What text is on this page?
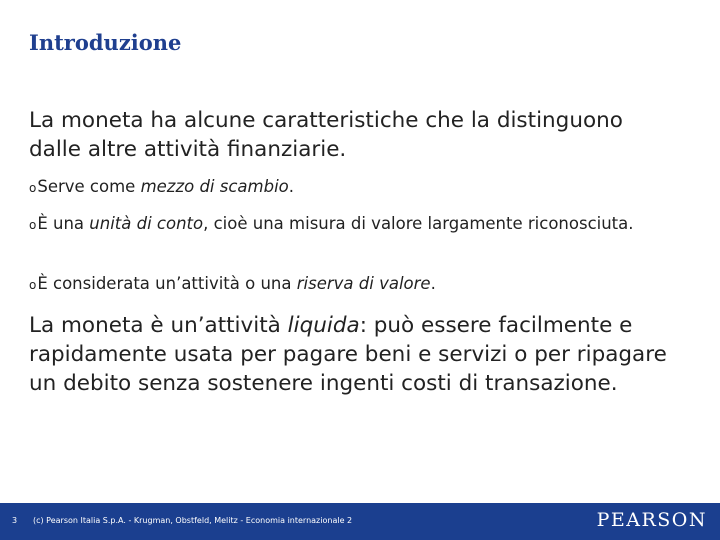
Introduzione
La moneta ha alcune caratteristiche che la distinguono dalle altre attività finanziarie.
oServe come mezzo di scambio.
oÈ una unità di conto, cioè una misura di valore largamente riconosciuta.
oÈ considerata un’attività o una riserva di valore.
La moneta è un’attività liquida: può essere facilmente e rapidamente usata per pagare beni e servizi o per ripagare un debito senza sostenere ingenti costi di transazione.
3 (c) Pearson Italia S.p.A. - Krugman, Obstfeld, Melitz - Economia internazionale 2	PEARSON
